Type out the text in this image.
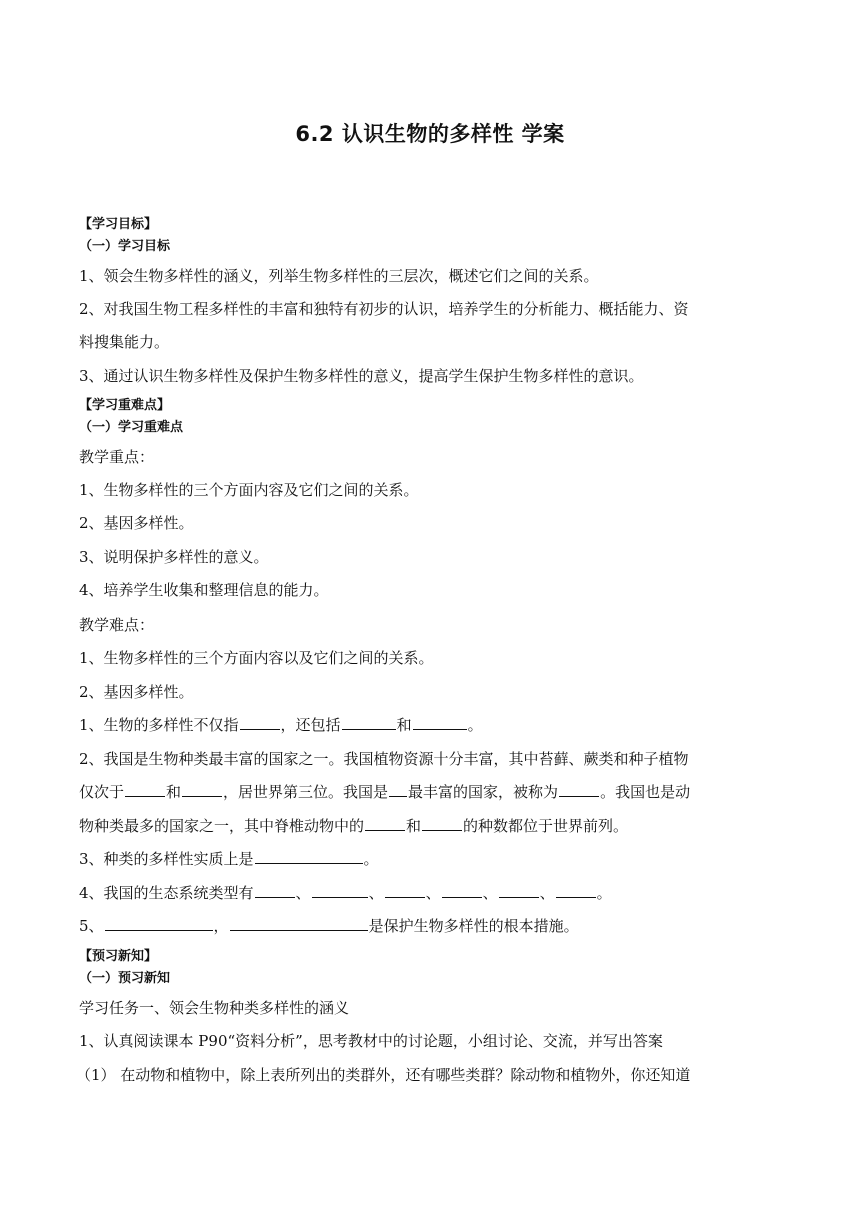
6.2 认识生物的多样性 学案
【学习目标】
（一）学习目标
1、领会生物多样性的涵义，列举生物多样性的三层次，概述它们之间的关系。
2、对我国生物工程多样性的丰富和独特有初步的认识，培养学生的分析能力、概括能力、资
料搜集能力。
3、通过认识生物多样性及保护生物多样性的意义，提高学生保护生物多样性的意识。
【学习重难点】
（一）学习重难点
教学重点：
1、生物多样性的三个方面内容及它们之间的关系。
2、基因多样性。
3、说明保护多样性的意义。
4、培养学生收集和整理信息的能力。
教学难点：
1、生物多样性的三个方面内容以及它们之间的关系。
2、基因多样性。
1、生物的多样性不仅指	，还包括	和	。
2、我国是生物种类最丰富的国家之一。我国植物资源十分丰富，其中苔藓、蕨类和种子植物
仅次于	和	，居世界第三位。我国是 最丰富的国家，被称为	。我国也是动
物种类最多的国家之一，其中脊椎动物中的	和	的种数都位于世界前列。
3、种类的多样性实质上是	。
4、我国的生态系统类型有	、	、	、	、	、	。
5、	，	是保护生物多样性的根本措施。
【预习新知】
（一）预习新知
学习任务一、领会生物种类多样性的涵义
1、认真阅读课本 P90“资料分析”，思考教材中的讨论题，小组讨论、交流，并写出答案
（1） 在动物和植物中，除上表所列出的类群外，还有哪些类群？除动物和植物外，你还知道
